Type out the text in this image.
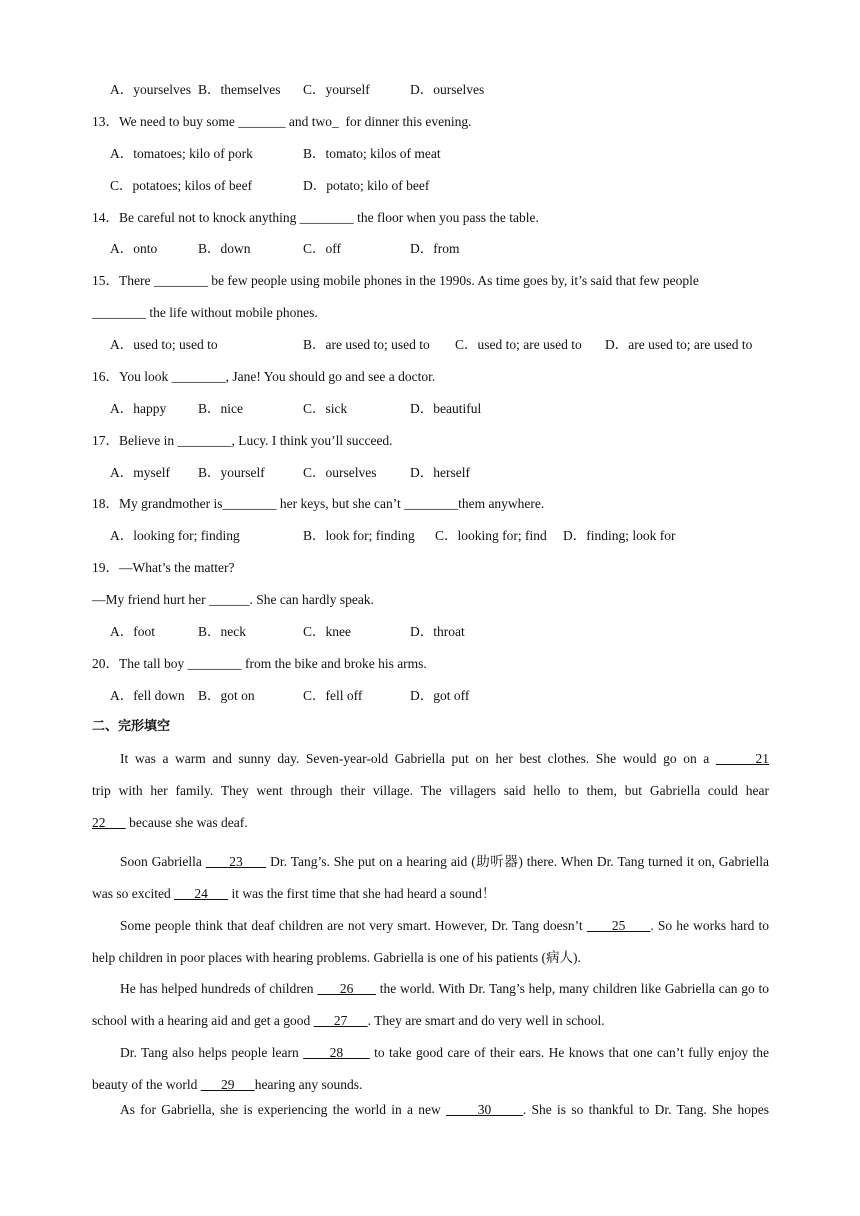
A．yourselves B．themselves C．yourself	D．ourselves
13．We need to buy some _______ and two_  for dinner this evening.
A．tomatoes; kilo of pork	B．tomato; kilos of meat
C．potatoes; kilos of beef	D．potato; kilo of beef
14．Be careful not to knock anything ________ the floor when you pass the table.
A．onto	B．down	C．off	D．from
15．There ________ be few people using mobile phones in the 1990s. As time goes by, it’s said that few people
________ the life without mobile phones.
A．used to; used to	B．are used to; used to C．used to; are used to D．are used to; are used to
16．You look ________, Jane! You should go and see a doctor.
A．happy B．nice	C．sick	D．beautiful
17．Believe in ________, Lucy. I think you’ll succeed.
A．myself B．yourself	C．ourselves D．herself
18．My grandmother is________ her keys, but she can’t ________them anywhere.
A．looking for; finding	B．look for; finding C．looking for; find D．finding; look for
19．—What’s the matter?
—My friend hurt her ______. She can hardly speak.
A．foot	B．neck	C．knee	D．throat
20．The tall boy ________ from the bike and broke his arms.
A．fell down B．got on	C．fell off	D．got off
二、完形填空
It was a warm and sunny day. Seven-year-old Gabriella put on her best clothes. She would go on a       21
trip with her family. They went through their village. The villagers said hello to them, but Gabriella could hear
22       because she was deaf.
Soon Gabriella       23       Dr. Tang’s. She put on a hearing aid (助听器) there. When Dr. Tang turned it on, Gabriella was so excited       24       it was the first time that she had heard a sound！
Some people think that deaf children are not very smart. However, Dr. Tang doesn’t       25      . So he works hard to help children in poor places with hearing problems. Gabriella is one of his patients (病人).
He has helped hundreds of children       26       the world. With Dr. Tang’s help, many children like Gabriella can go to school with a hearing aid and get a good       27      . They are smart and do very well in school.
Dr. Tang also helps people learn       28       to take good care of their ears. He knows that one can’t fully enjoy the beauty of the world       29      hearing any sounds.
As for Gabriella, she is experiencing the world in a new       30      . She is so thankful to Dr. Tang. She hopes
